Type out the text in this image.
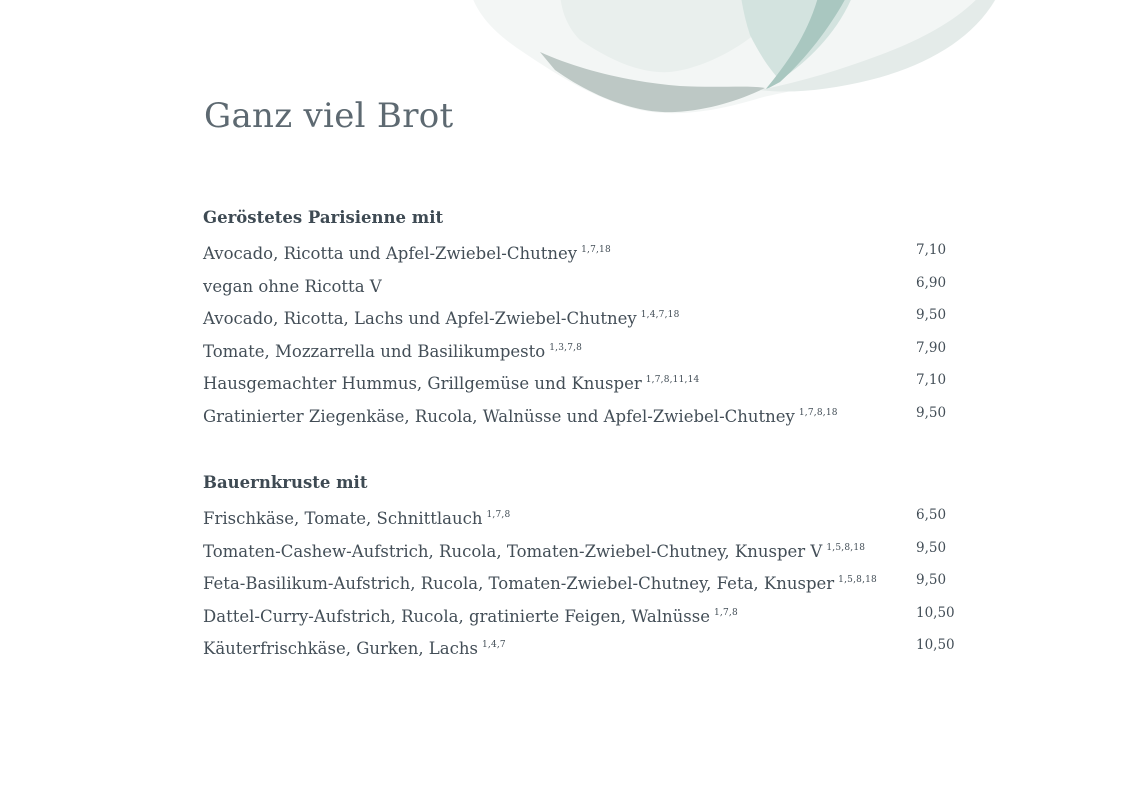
Ganz viel Brot
Geröstetes Parisienne mit
Avocado, Ricotta und Apfel-Zwiebel-Chutney $^{1,7,18}$	7,10
vegan ohne Ricotta V	6,90
Avocado, Ricotta, Lachs und Apfel-Zwiebel-Chutney $^{1,4,7,18}$	9,50
Tomate, Mozzarrella und Basilikumpesto $^{1,3,7,8}$	7,90
Hausgemachter Hummus, Grillgemüse und Knusper $^{1,7,8,11,14}$	7,10
Gratinierter Ziegenkäse, Rucola, Walnüsse und Apfel-Zwiebel-Chutney $^{1,7,8,18}$	9,50
Bauernkruste mit
Frischkäse, Tomate, Schnittlauch $^{1,7,8}$	6,50
Tomaten-Cashew-Aufstrich, Rucola, Tomaten-Zwiebel-Chutney, Knusper V $^{1,5,8,18}$	9,50
Feta-Basilikum-Aufstrich, Rucola, Tomaten-Zwiebel-Chutney, Feta, Knusper $^{1,5,8,18}$	9,50
Dattel-Curry-Aufstrich, Rucola, gratinierte Feigen, Walnüsse $^{1,7,8}$	10,50
Käuterfrischkäse, Gurken, Lachs $^{1,4,7}$	10,50
